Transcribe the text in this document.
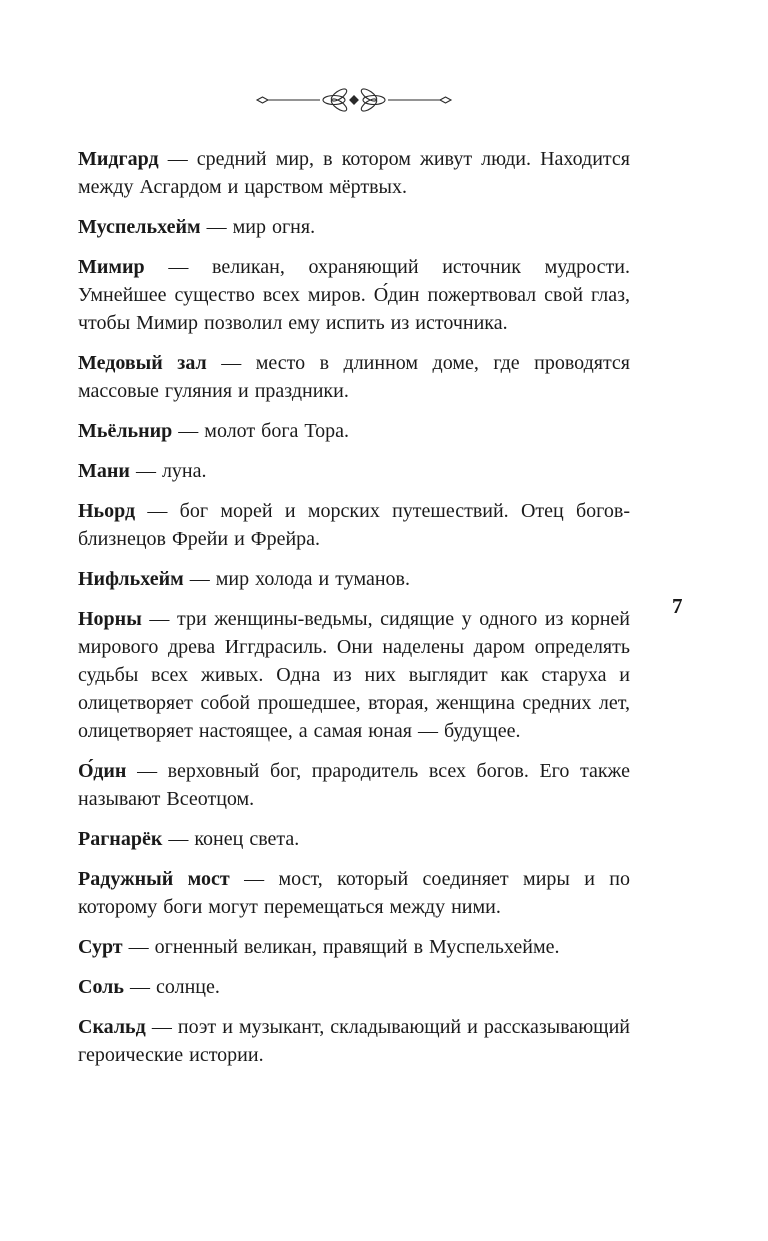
Мидгард — средний мир, в котором живут люди. Находится между Асгардом и царством мёртвых.

Муспельхейм — мир огня.

Мимир — великан, охраняющий источник мудрости. Умнейшее существо всех миров. О́дин пожертвовал свой глаз, чтобы Мимир позволил ему испить из источника.

Медовый зал — место в длинном доме, где проводятся массовые гуляния и праздники.

Мьёльнир — молот бога Тора.

Мани — луна.

Ньорд — бог морей и морских путешествий. Отец богов-близнецов Фрейи и Фрейра.

Нифльхейм — мир холода и туманов.

Норны — три женщины-ведьмы, сидящие у одного из корней мирового древа Иггдрасиль. Они наделены даром определять судьбы всех живых. Одна из них выглядит как старуха и олицетворяет собой прошедшее, вторая, женщина средних лет, олицетворяет настоящее, а самая юная — будущее.

О́дин — верховный бог, прародитель всех богов. Его также называют Всеотцом.

Рагнарёк — конец света.

Радужный мост — мост, который соединяет миры и по которому боги могут перемещаться между ними.

Сурт — огненный великан, правящий в Муспельхейме.

Соль — солнце.

Скальд — поэт и музыкант, складывающий и рассказывающий героические истории.

7
